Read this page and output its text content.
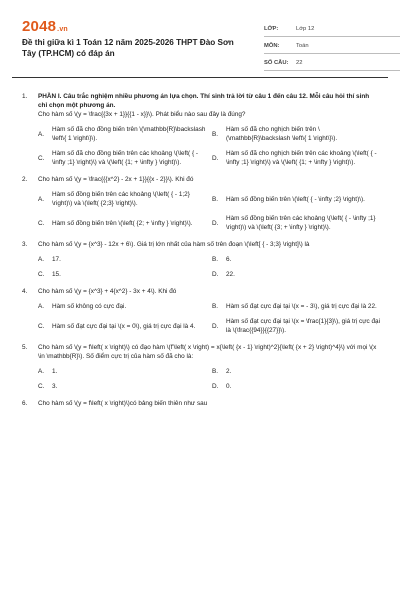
2048.vn
Đề thi giữa kì 1 Toán 12 năm 2025-2026 THPT Đào Sơn Tây (TP.HCM) có đáp án
LỚP:	Lớp 12
MÔN:	Toán
SỐ CÂU:	22
1.	PHẦN I. Câu trắc nghiệm nhiều phương án lựa chọn. Thí sinh trả lời từ câu 1 đến câu 12. Mỗi câu hỏi thí sinh chỉ chọn một phương án.
Cho hàm số \(y = \frac{{3x + 1}}{{1 - x}}\). Phát biểu nào sau đây là đúng?
A.
Hàm số đã cho đồng biến trên \(\mathbb{R}\backslash \left\{ 1 \right\}\).
B.
Hàm số đã cho nghịch biến trên \(\mathbb{R}\backslash \left\{ 1 \right\}\).
C.
Hàm số đã cho đồng biến trên các khoảng \(\left( { - \infty ;1} \right)\) và \(\left( {1; + \infty } \right)\).
D.
Hàm số đã cho nghịch biến trên các khoảng \(\left( { - \infty ;1} \right)\) và \(\left( {1; + \infty } \right)\).
2.	Cho hàm số \(y = \frac{{{x^2} - 2x + 1}}{{x - 2}}\). Khi đó
A.
Hàm số đồng biến trên các khoảng \(\left( { - 1;2} \right)\) và \(\left( {2;3} \right)\).
B.	Hàm số đồng biến trên \(\left( { - \infty ;2} \right)\).
C.	Hàm số đồng biến trên \(\left( {2; + \infty } \right)\).	D.
Hàm số đồng biến trên các khoảng \(\left( { - \infty ;1} \right)\) và \(\left( {3; + \infty } \right)\).
3.	Cho hàm số \(y = {x^3} - 12x + 6\). Giá trị lớn nhất của hàm số trên đoạn \(\left[ { - 3;3} \right]\) là
A.	17.	B.	6.
C.	15.	D.	22.
4.	Cho hàm số \(y = {x^3} + 4{x^2} - 3x + 4\). Khi đó
A.	Hàm số không có cực đại.	B.	Hàm số đạt cực đại tại \(x = - 3\), giá trị cực đại là 22.
C.	Hàm số đạt cực đại tại \(x = 0\), giá trị cực đại là 4.	D.
Hàm số đạt cực đại tại \(x = \frac{1}{3}\), giá trị cực đại là \(\frac{{94}}{{27}}\).
5.	Cho hàm số \(y = f\left( x \right)\) có đạo hàm \(f'\left( x \right) = x{\left( {x - 1} \right)^2}{\left( {x + 2} \right)^4}\) với mọi \(x \in \mathbb{R}\). Số điểm cực trị của hàm số đã cho là:
A.	1.	B.	2.
C.	3.	D.	0.
6.	Cho hàm số \(y = f\left( x \right)\)có bảng biến thiên như sau
